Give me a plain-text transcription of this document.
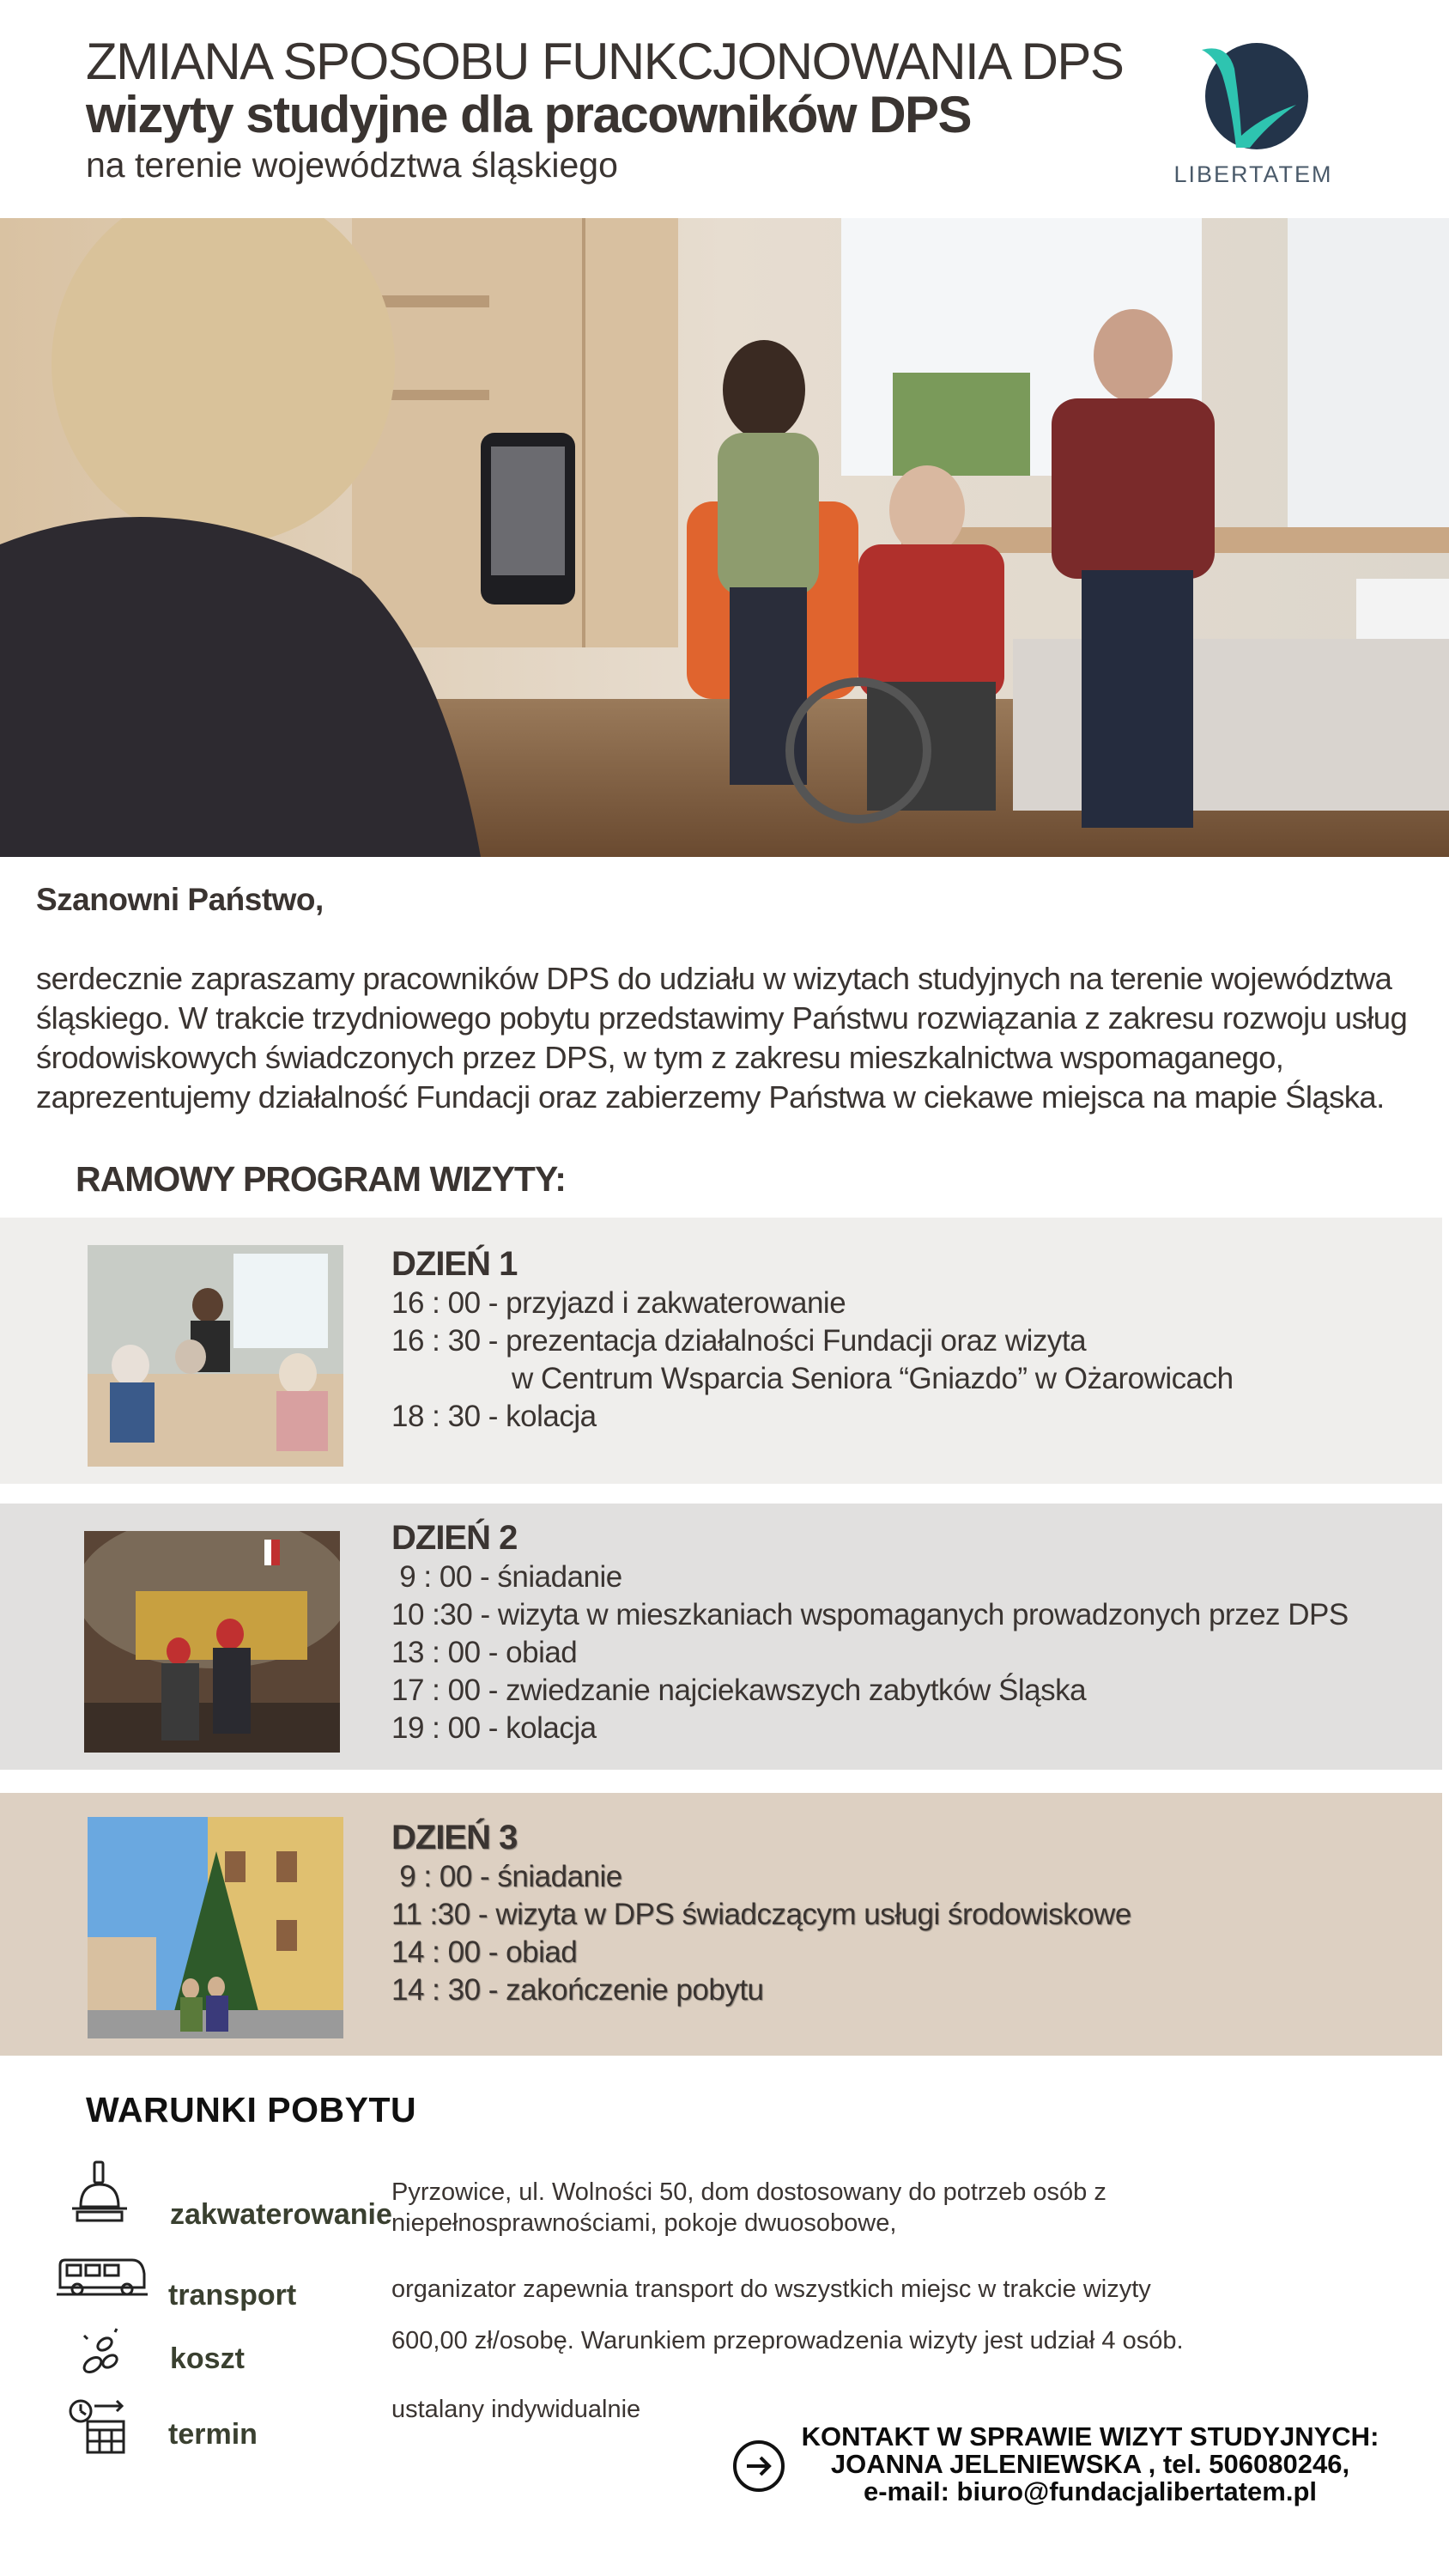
ZMIANA SPOSOBU FUNKCJONOWANIA DPS
wizyty studyjne dla pracowników DPS
na terenie województwa śląskiego	LIBERTATEM
Szanowni Państwo,
serdecznie zapraszamy pracowników DPS do udziału w wizytach studyjnych na terenie województwa śląskiego. W trakcie trzydniowego pobytu przedstawimy Państwu rozwiązania z zakresu rozwoju usług środowiskowych świadczonych przez DPS, w tym z zakresu mieszkalnictwa wspomaganego, zaprezentujemy działalność Fundacji oraz zabierzemy Państwa w ciekawe miejsca na mapie Śląska.
RAMOWY PROGRAM WIZYTY:
DZIEŃ 1
16 : 00 - przyjazd i zakwaterowanie
16 : 30 - prezentacja działalności Fundacji oraz wizyta
w Centrum Wsparcia Seniora “Gniazdo” w Ożarowicach
18 : 30 - kolacja
DZIEŃ 2
9 : 00 - śniadanie
10 :30 - wizyta w mieszkaniach wspomaganych prowadzonych przez DPS
13 : 00 - obiad
17 : 00 - zwiedzanie najciekawszych zabytków Śląska
19 : 00 - kolacja
DZIEŃ 3
9 : 00 - śniadanie
11 :30 - wizyta w DPS świadczącym usługi środowiskowe
14 : 00 - obiad
14 : 30 - zakończenie pobytu
WARUNKI POBYTU
zakwaterowanie
Pyrzowice, ul. Wolności 50, dom dostosowany do potrzeb osób z niepełnosprawnościami, pokoje dwuosobowe,
transport	organizator zapewnia transport do wszystkich miejsc w trakcie wizyty
koszt
600,00 zł/osobę. Warunkiem przeprowadzenia wizyty jest udział 4 osób.
termin
ustalany indywidualnie
KONTAKT W SPRAWIE WIZYT STUDYJNYCH:
JOANNA JELENIEWSKA , tel. 506080246,
e-mail: biuro@fundacjalibertatem.pl
